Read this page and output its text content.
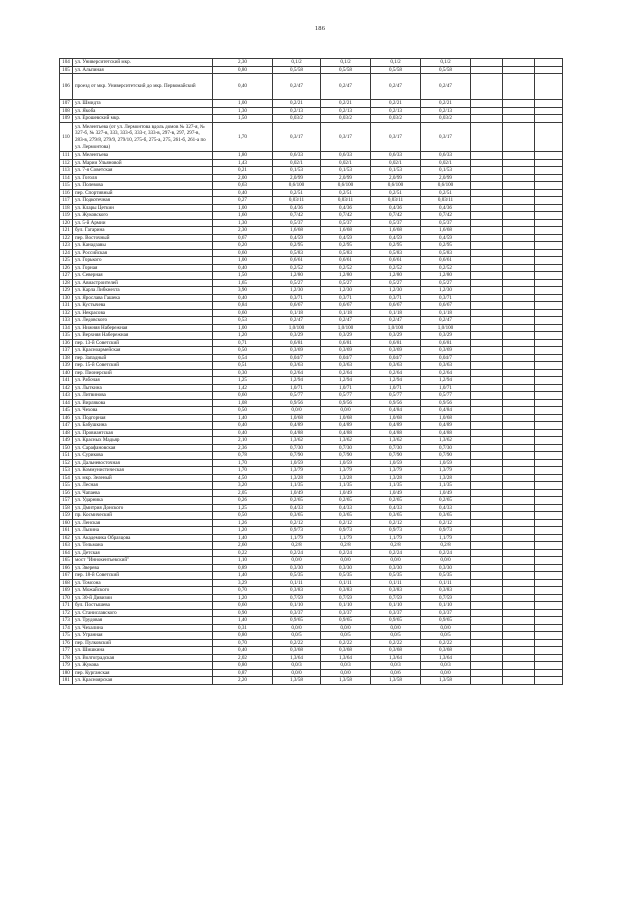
186
104	ул. Университетский мкр.	2,30	0,1/2	0,1/2	0,1/2	0,1/2			
105	ул. Альпиная	0,80	0,5/58	0,5/58	0,5/58	0,5/58			
106	проезд от мкр. Университетский до мкр. Первомайский	0,40	0,2/47	0,2/47	0,2/47	0,2/47			
107	ул. Шмидта	1,00	0,2/21	0,2/21	0,2/21	0,2/21			
108	ул. Якоба	1,30	0,2/13	0,2/13	0,2/13	0,2/13			
109	ул. Ерошевский мкр.	1,50	0,03/2	0,03/2	0,03/2	0,03/2			
110	ул. Мелентьева (от ул. Лермонтова вдоль домов № 327-я, № 327-б, № 327-в, 333, 333-б, 333-г, 333-в, 297-в, 297, 297-в, 283-в, 279/8, 279/9, 279/10, 275-б, 275-а, 275, 261-б, 261-а по ул. Лермонтова)	1,70	0,3/17	0,3/17	0,3/17	0,3/17			
111	ул. Мелентьева	1,80	0,6/33	0,6/33	0,6/33	0,6/33			
112	ул. Марии Ульяновой	1,43	0,02/1	0,02/1	0,02/1	0,02/1			
113	ул. 7-я Советская	0,21	0,1/53	0,1/53	0,1/53	0,1/53			
114	ул. Гоголя	2,00	2,0/99	2,0/99	2,0/99	2,0/99			
115	ул. Полевова	0,63	0,6/100	0,6/100	0,6/100	0,6/100			
116	пер. Спортивный	0,40	0,2/51	0,2/51	0,2/51	0,2/51			
117	ул. Подкотечная	0,27	0,03/11	0,03/11	0,03/11	0,03/11			
118	ул. Клары Цеткин	1,00	0,4/36	0,4/36	0,4/36	0,4/36			
119	ул. Жуковского	1,60	0,7/42	0,7/42	0,7/42	0,7/42			
120	ул. 5-й Армии	1,30	0,5/37	0,5/37	0,5/37	0,5/37			
121	бул. Гагарина	2,30	1,6/68	1,6/68	1,6/68	1,6/68			
122	пер. Восточный	0,67	0,4/59	0,4/59	0,4/59	0,4/59			
123	ул. Канадзавы	0,20	0,2/95	0,2/95	0,2/95	0,2/95			
124	ул. Российская	0,60	0,5/83	0,5/83	0,5/83	0,5/83			
125	ул. Горького	1,00	0,6/61	0,6/61	0,6/61	0,6/61			
126	ул. Горная	0,40	0,2/52	0,2/52	0,2/52	0,2/52			
127	ул. Северная	1,50	1,2/80	1,2/80	1,2/80	1,2/80			
128	ул. Авиастроителей	1,65	0,5/27	0,5/27	0,5/27	0,5/27			
129	ул. Карла Либкнехта	3,90	1,2/30	1,2/30	1,2/30	1,2/30			
130	ул. Ярослава Гашека	0,40	0,3/71	0,3/71	0,3/71	0,3/71			
131	ул. Кустычева	0,84	0,6/67	0,6/67	0,6/67	0,6/67			
132	ул. Некрасова	0,60	0,1/18	0,1/18	0,1/18	0,1/18			
133	ул. Ледовского	0,53	0,2/47	0,2/47	0,2/47	0,2/47			
134	ул. Нижняя Набережная	1,00	1,0/100	1,0/100	1,0/100	1,0/100			
135	ул. Верхняя Набережная	1,20	0,3/29	0,3/29	0,3/29	0,3/29			
136	пер. 13-й Советский	0,71	0,6/81	0,6/81	0,6/81	0,6/81			
137	ул. Красноармейская	0,50	0,3/69	0,3/69	0,3/69	0,3/69			
138	пер. Западный	0,54	0,04/7	0,04/7	0,04/7	0,04/7			
139	пер. 15-й Советский	0,51	0,3/63	0,3/63	0,3/63	0,3/63			
140	пер. Пионерский	0,30	0,2/64	0,2/64	0,2/64	0,2/64			
141	ул. Рабочая	1,25	1,2/94	1,2/94	1,2/94	1,2/94			
142	ул. Лыткина	1,42	1,0/71	1,0/71	1,0/71	1,0/71			
143	ул. Литвинова	0,60	0,5/77	0,5/77	0,5/77	0,5/77			
144	ул. Вирлякова	1,08	0,9/56	0,9/56	0,9/56	0,9/56			
145	ул. Чехова	0,50	0,0/0	0,0/0	0,4/84	0,4/84			
146	ул. Подгорная	1,40	1,0/68	1,0/68	1,0/68	1,0/68			
147	ул. Бабушкина	0,40	0,4/89	0,4/89	0,4/89	0,4/89			
148	ул. Провиантская	0,40	0,4/88	0,4/88	0,4/88	0,4/88			
149	ул. Красных Мадьяр	2,10	1,3/62	1,3/62	1,3/62	1,3/62			
150	ул. Сарафановская	2,36	0,7/30	0,7/30	0,7/30	0,7/30			
151	ул. Сурикова	0,78	0,7/90	0,7/90	0,7/90	0,7/90			
152	ул. Дальневосточная	1,70	1,0/59	1,0/59	1,0/59	1,0/59			
153	ул. Коммунистическая	1,70	1,3/79	1,3/79	1,3/79	1,3/79			
154	ул. мкр. Зеленый	4,50	1,3/28	1,3/28	1,3/28	1,3/28			
155	ул. Лесная	3,20	1,1/35	1,1/35	1,1/35	1,1/35			
156	ул. Чапаева	2,05	1,0/49	1,0/49	1,0/49	1,0/49			
157	ул. Ударника	0,26	0,2/65	0,2/65	0,2/65	0,2/65			
158	ул. Дмитрия Донского	1,25	0,4/33	0,4/33	0,4/33	0,4/33			
159	пр. Космический	0,50	0,3/65	0,3/65	0,3/65	0,3/65			
160	ул. Ленская	1,26	0,2/12	0,2/12	0,2/12	0,2/12			
161	ул. Лызина	1,20	0,9/73	0,9/73	0,9/73	0,9/73			
162	ул. Академика Образцова	1,40	1,1/79	1,1/79	1,1/79	1,1/79			
163	ул. Тельмана	2,60	0,2/8	0,2/8	0,2/8	0,2/8			
164	ул. Детская	0,22	0,2/24	0,2/24	0,2/24	0,2/24			
165	мост "Иннокентьевский"	1,10	0,0/0	0,0/0	0,0/0	0,0/0			
166	ул. Зверева	0,89	0,3/30	0,3/30	0,3/30	0,3/30			
167	пер. 18-й Советский	1,40	0,5/35	0,5/35	0,5/35	0,5/35			
168	ул. Томсона	3,29	0,1/11	0,1/11	0,1/11	0,1/11			
169	ул. Можайского	0,70	0,3/83	0,3/83	0,3/83	0,3/83			
170	ул. 30-й Дивизии	1,20	0,7/59	0,7/59	0,7/59	0,7/59			
171	бул. Постышева	0,60	0,1/10	0,1/10	0,1/10	0,1/10			
172	ул. Станиславского	0,90	0,3/37	0,3/37	0,3/37	0,3/37			
173	ул. Трудовая	1,40	0,9/65	0,9/65	0,9/65	0,9/65			
174	ул. Чехалина	0,31	0,0/0	0,0/0	0,0/0	0,0/0			
175	ул. Угранная	0,80	0,0/5	0,0/5	0,0/5	0,0/5			
176	пер. Пулковский	0,70	0,2/22	0,2/22	0,2/22	0,2/22			
177	ул. Шишкина	0,40	0,3/68	0,3/68	0,3/68	0,3/68			
178	ул. Волгоградская	2,02	1,3/64	1,3/64	1,3/64	1,3/64			
179	ул. Жукова	0,80	0,0/3	0,0/3	0,0/3	0,0/3			
180	пер. Курганская	0,87	0,0/0	0,0/0	0,0/6	0,0/0			
181	ул. Красноярская	2,20	1,3/58	1,3/58	1,3/58	1,3/58			
